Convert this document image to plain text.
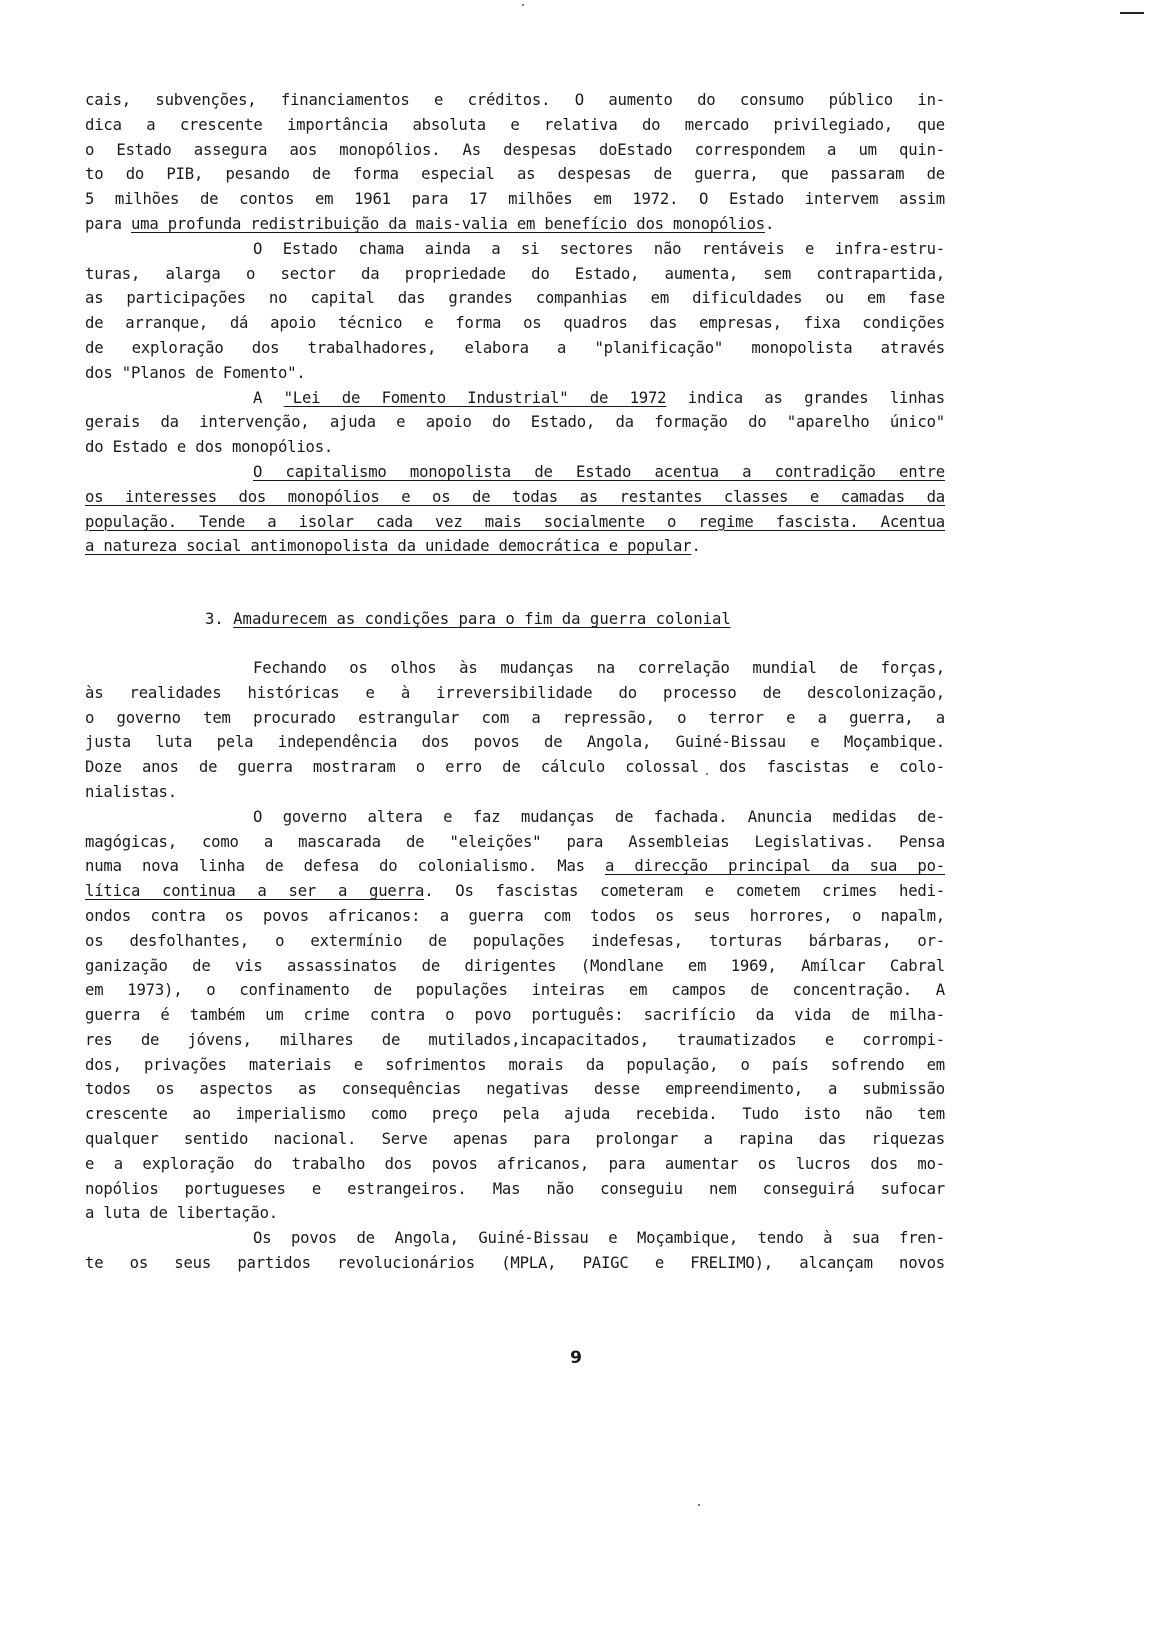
cais, subvenções, financiamentos e créditos. O aumento do consumo público in-
dica a crescente importância absoluta e relativa do mercado privilegiado, que
o Estado assegura aos monopólios. As despesas doEstado correspondem a um quin-
to do PIB, pesando de forma especial as despesas de guerra, que passaram de
5 milhões de contos em 1961 para 17 milhões em 1972. O Estado intervem assim
para uma profunda redistribuição da mais-valia em benefício dos monopólios.
O Estado chama ainda a si sectores não rentáveis e infra-estru-
turas, alarga o sector da propriedade do Estado, aumenta, sem contrapartida,
as participações no capital das grandes companhias em dificuldades ou em fase
de arranque, dá apoio técnico e forma os quadros das empresas, fixa condições
de exploração dos trabalhadores, elabora a "planificação" monopolista através
dos "Planos de Fomento".
A "Lei de Fomento Industrial" de 1972 indica as grandes linhas
gerais da intervenção, ajuda e apoio do Estado, da formação do "aparelho único"
do Estado e dos monopólios.
O capitalismo monopolista de Estado acentua a contradição entre
os interesses dos monopólios e os de todas as restantes classes e camadas da
população. Tende a isolar cada vez mais socialmente o regime fascista. Acentua
a natureza social antimonopolista da unidade democrática e popular.
3. Amadurecem as condições para o fim da guerra colonial
Fechando os olhos às mudanças na correlação mundial de forças,
às realidades históricas e à irreversibilidade do processo de descolonização,
o governo tem procurado estrangular com a repressão, o terror e a guerra, a
justa luta pela independência dos povos de Angola, Guiné-Bissau e Moçambique.
Doze anos de guerra mostraram o erro de cálculo colossal dos fascistas e colo-
nialistas.
O governo altera e faz mudanças de fachada. Anuncia medidas de-
magógicas, como a mascarada de "eleições" para Assembleias Legislativas. Pensa
numa nova linha de defesa do colonialismo. Mas a direcção principal da sua po-
lítica continua a ser a guerra. Os fascistas cometeram e cometem crimes hedi-
ondos contra os povos africanos: a guerra com todos os seus horrores, o napalm,
os desfolhantes, o extermínio de populações indefesas, torturas bárbaras, or-
ganização de vis assassinatos de dirigentes (Mondlane em 1969, Amílcar Cabral
em 1973), o confinamento de populações inteiras em campos de concentração. A
guerra é também um crime contra o povo português: sacrifício da vida de milha-
res de jóvens, milhares de mutilados,incapacitados, traumatizados e corrompi-
dos, privações materiais e sofrimentos morais da população, o país sofrendo em
todos os aspectos as consequências negativas desse empreendimento, a submissão
crescente ao imperialismo como preço pela ajuda recebida. Tudo isto não tem
qualquer sentido nacional. Serve apenas para prolongar a rapina das riquezas
e a exploração do trabalho dos povos africanos, para aumentar os lucros dos mo-
nopólios portugueses e estrangeiros. Mas não conseguiu nem conseguirá sufocar
a luta de libertação.
Os povos de Angola, Guiné-Bissau e Moçambique, tendo à sua fren-
te os seus partidos revolucionários (MPLA, PAIGC e FRELIMO), alcançam novos
9
